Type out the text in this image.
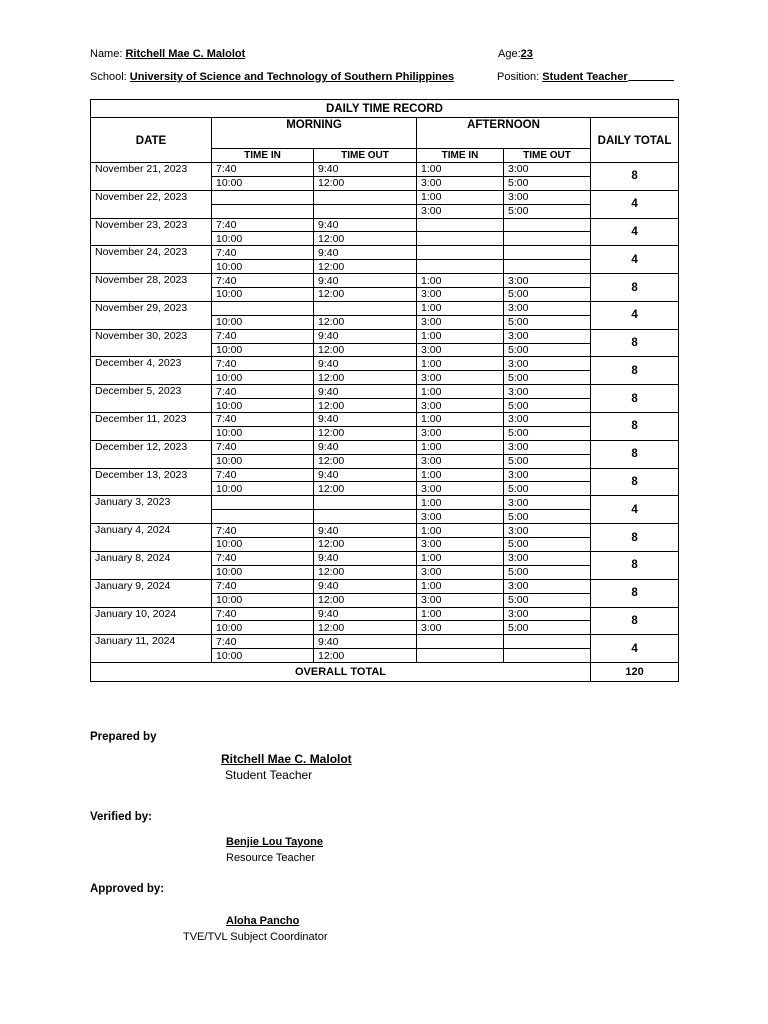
Name: Ritchell Mae C. Malolot	Age:23
School: University of Science and Technology of Southern Philippines	Position: Student Teacher
DAILY TIME RECORD					
DATE	MORNING		AFTERNOON		DAILY TOTAL
	TIME IN	TIME OUT	TIME IN	TIME OUT	
November 21, 2023	7:40	9:40	1:00	3:00	8
	10:00	12:00	3:00	5:00	
November 22, 2023			1:00	3:00	4
			3:00	5:00	
November 23, 2023	7:40	9:40			4
	10:00	12:00			
November 24, 2023	7:40	9:40			4
	10:00	12:00			
November 28, 2023	7:40	9:40	1:00	3:00	8
	10:00	12:00	3:00	5:00	
November 29, 2023			1:00	3:00	4
	10:00	12:00	3:00	5:00	
November 30, 2023	7:40	9:40	1:00	3:00	8
	10:00	12:00	3:00	5:00	
December 4, 2023	7:40	9:40	1:00	3:00	8
	10:00	12:00	3:00	5:00	
December 5, 2023	7:40	9:40	1:00	3:00	8
	10:00	12:00	3:00	5:00	
December 11, 2023	7:40	9:40	1:00	3:00	8
	10:00	12:00	3:00	5:00	
December 12, 2023	7:40	9:40	1:00	3:00	8
	10:00	12:00	3:00	5:00	
December 13, 2023	7:40	9:40	1:00	3:00	8
	10:00	12:00	3:00	5:00	
January 3, 2023			1:00	3:00	4
			3:00	5:00	
January 4, 2024	7:40	9:40	1:00	3:00	8
	10:00	12:00	3:00	5:00	
January 8, 2024	7:40	9:40	1:00	3:00	8
	10:00	12:00	3:00	5:00	
January 9, 2024	7:40	9:40	1:00	3:00	8
	10:00	12:00	3:00	5:00	
January 10, 2024	7:40	9:40	1:00	3:00	8
	10:00	12:00	3:00	5:00	
January 11, 2024	7:40	9:40			4
	10:00	12:00			
OVERALL TOTAL					120
Prepared by
Ritchell Mae C. Malolot
Student Teacher
Verified by:
Benjie Lou Tayone
Resource Teacher
Approved by:
Aloha Pancho
TVE/TVL Subject Coordinator
